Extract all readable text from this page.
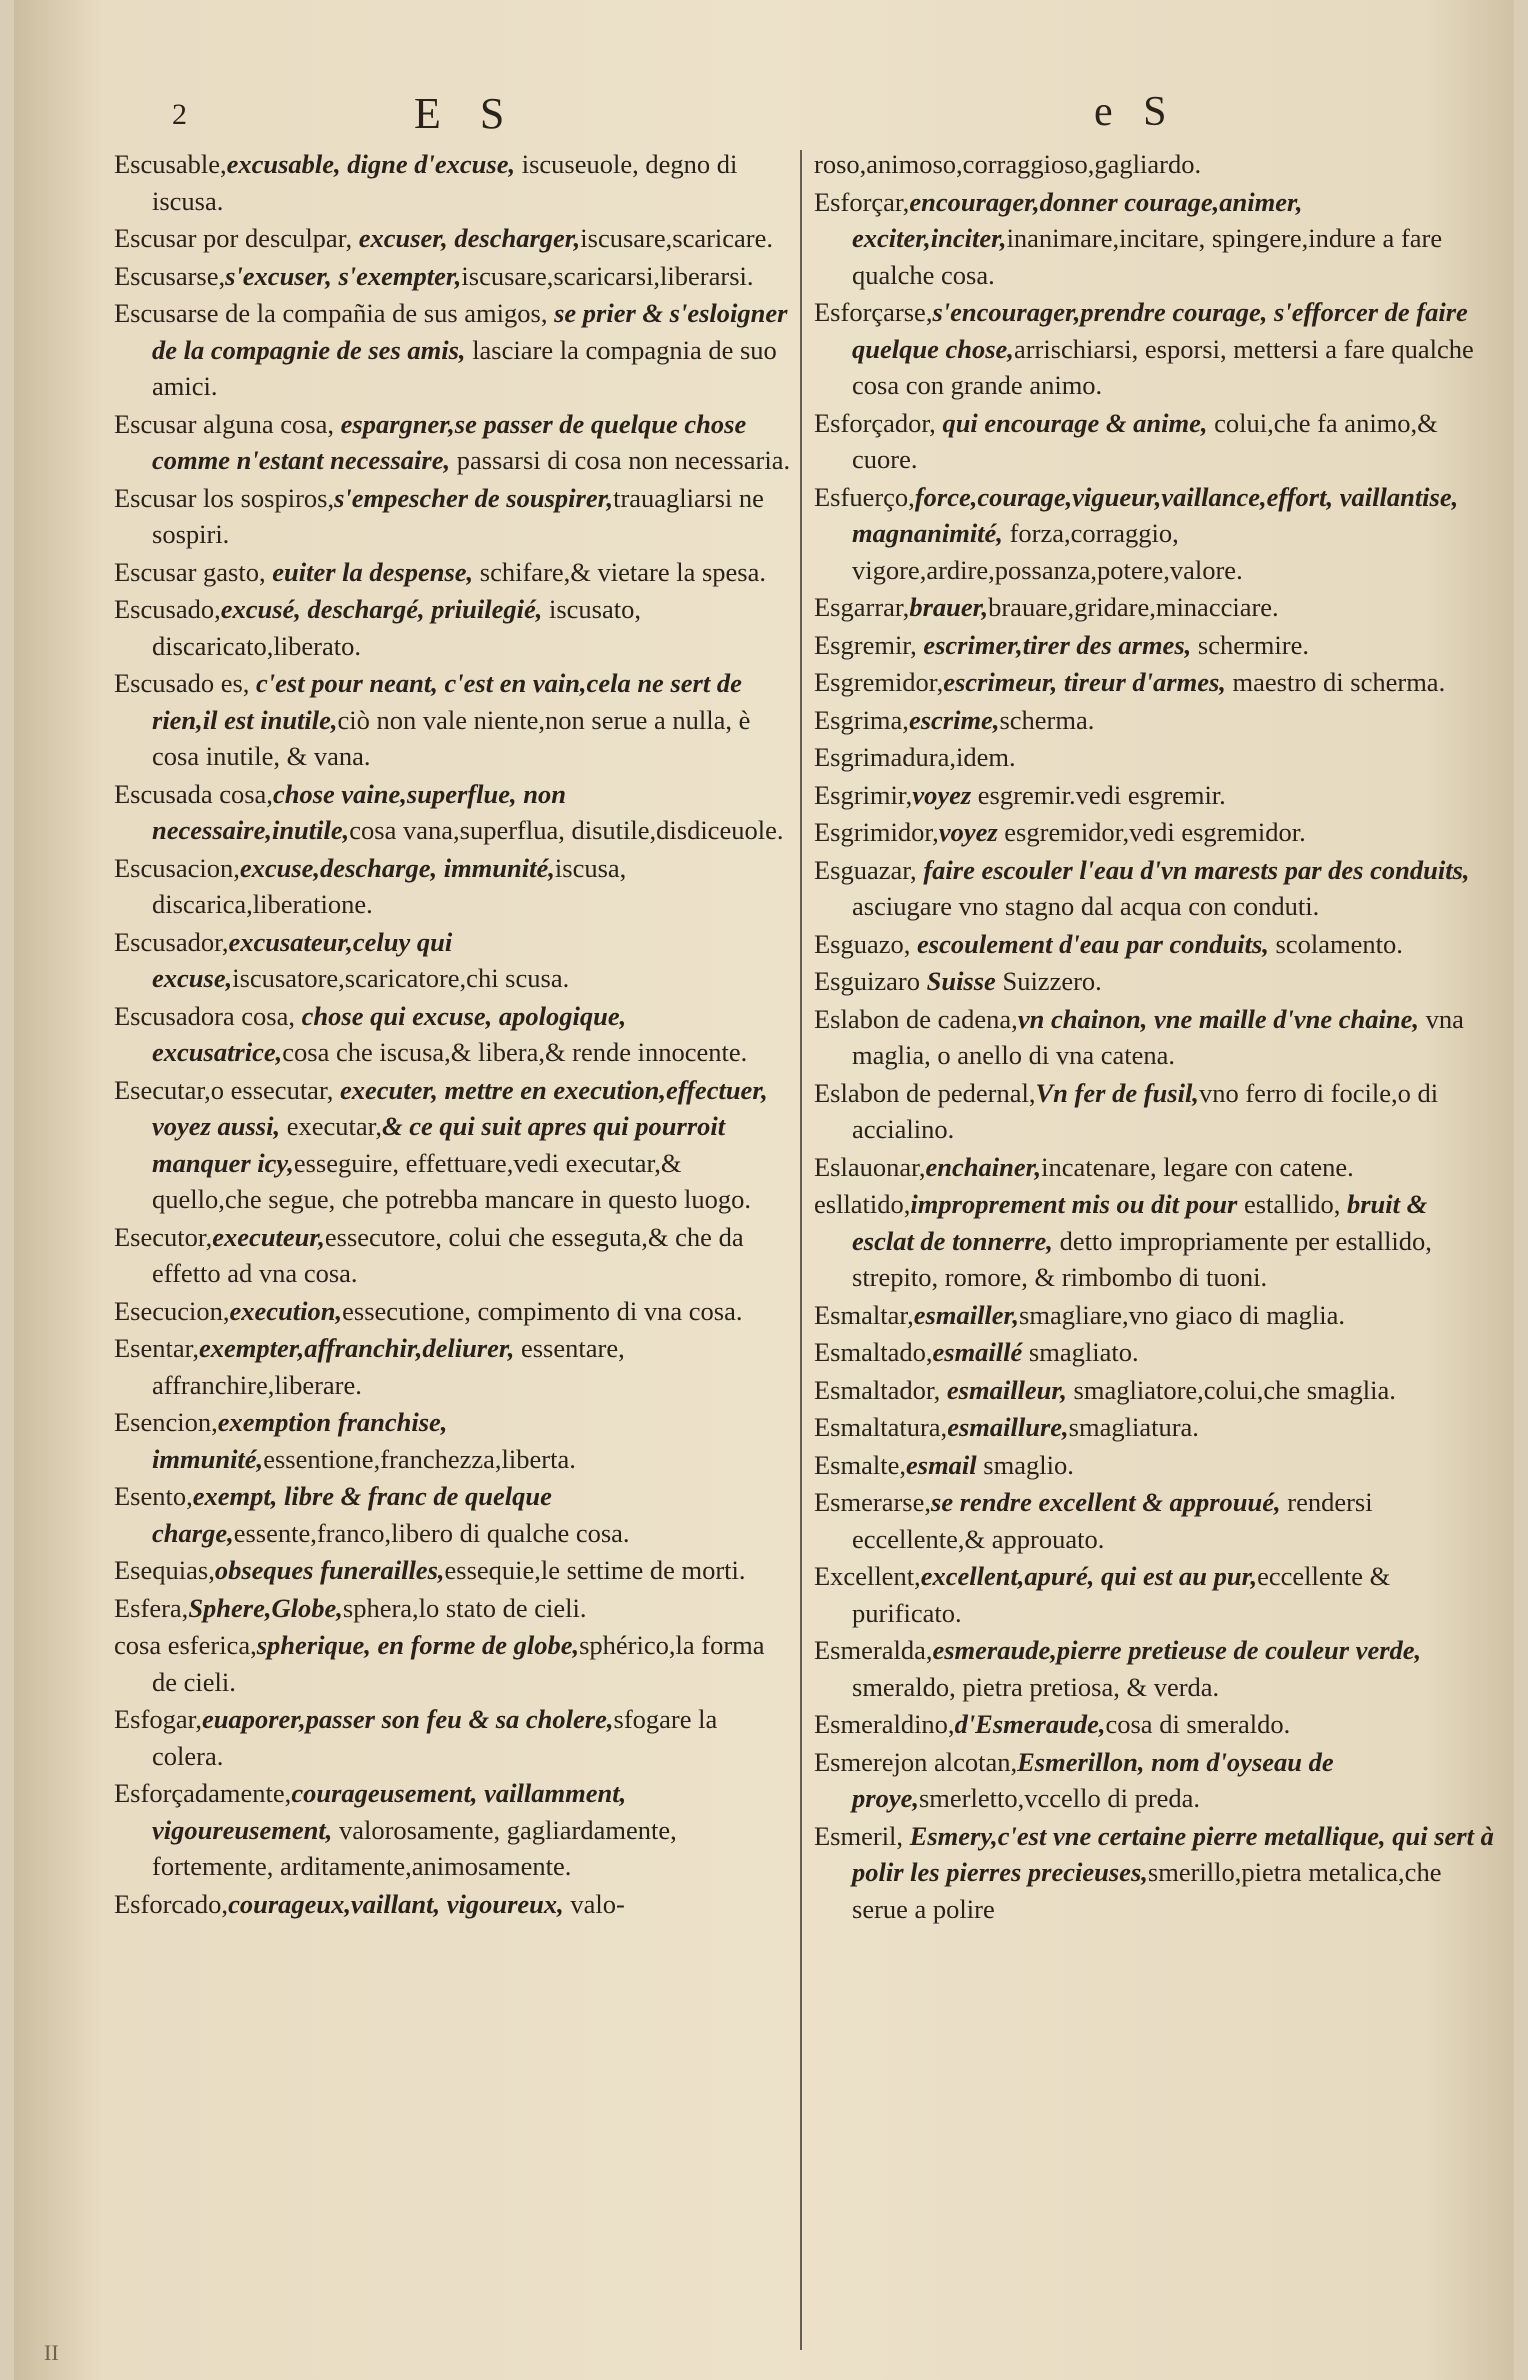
2	E S	e S
Escusable,excusable, digne d'excuse, iscuseuole, degno di iscusa.
Escusar por desculpar, excuser, descharger,iscusare,scaricare.
Escusarse,s'excuser, s'exempter,iscusare,scaricarsi,liberarsi.
Escusarse de la compañia de sus amigos, se prier & s'esloigner de la compagnie de ses amis, lasciare la compagnia de suo amici.
Escusar alguna cosa, espargner,se passer de quelque chose comme n'estant necessaire, passarsi di cosa non necessaria.
Escusar los sospiros,s'empescher de souspirer,trauagliarsi ne sospiri.
Escusar gasto, euiter la despense, schifare,& vietare la spesa.
Escusado,excusé, deschargé, priuilegié, iscusato, discaricato,liberato.
Escusado es, c'est pour neant, c'est en vain,cela ne sert de rien,il est inutile,ciò non vale niente,non serue a nulla, è cosa inutile, & vana.
Escusada cosa,chose vaine,superflue, non necessaire,inutile,cosa vana,superflua, disutile,disdiceuole.
Escusacion,excuse,descharge, immunité,iscusa, discarica,liberatione.
Escusador,excusateur,celuy qui excuse,iscusatore,scaricatore,chi scusa.
Escusadora cosa, chose qui excuse, apologique, excusatrice,cosa che iscusa,& libera,& rende innocente.
Esecutar,o essecutar, executer, mettre en execution,effectuer, voyez aussi, executar,& ce qui suit apres qui pourroit manquer icy,esseguire, effettuare,vedi executar,& quello,che segue, che potrebba mancare in questo luogo.
Esecutor,executeur,essecutore, colui che esseguta,& che da effetto ad vna cosa.
Esecucion,execution,essecutione, compimento di vna cosa.
Esentar,exempter,affranchir,deliurer, essentare, affranchire,liberare.
Esencion,exemption franchise, immunité,essentione,franchezza,liberta.
Esento,exempt, libre & franc de quelque charge,essente,franco,libero di qualche cosa.
Esequias,obseques funerailles,essequie,le settime de morti.
Esfera,Sphere,Globe,sphera,lo stato de cieli.
cosa esferica,spherique, en forme de globe,sphérico,la forma de cieli.
Esfogar,euaporer,passer son feu & sa cholere,sfogare la colera.
Esforçadamente,courageusement, vaillamment, vigoureusement, valorosamente, gagliardamente, fortemente, arditamente,animosamente.
Esforcado,courageux,vaillant, vigoureux, valo-
roso,animoso,corraggioso,gagliardo.
Esforçar,encourager,donner courage,animer, exciter,inciter,inanimare,incitare, spingere,indure a fare qualche cosa.
Esforçarse,s'encourager,prendre courage, s'efforcer de faire quelque chose,arrischiarsi, esporsi, mettersi a fare qualche cosa con grande animo.
Esforçador, qui encourage & anime, colui,che fa animo,& cuore.
Esfuerço,force,courage,vigueur,vaillance,effort, vaillantise, magnanimité, forza,corraggio, vigore,ardire,possanza,potere,valore.
Esgarrar,brauer,brauare,gridare,minacciare.
Esgremir, escrimer,tirer des armes, schermire.
Esgremidor,escrimeur, tireur d'armes, maestro di scherma.
Esgrima,escrime,scherma.
Esgrimadura,idem.
Esgrimir,voyez esgremir.vedi esgremir.
Esgrimidor,voyez esgremidor,vedi esgremidor.
Esguazar, faire escouler l'eau d'vn marests par des conduits, asciugare vno stagno dal acqua con conduti.
Esguazo, escoulement d'eau par conduits, scolamento.
Esguizaro Suisse Suizzero.
Eslabon de cadena,vn chainon, vne maille d'vne chaine, vna maglia, o anello di vna catena.
Eslabon de pedernal,Vn fer de fusil,vno ferro di focile,o di accialino.
Eslauonar,enchainer,incatenare, legare con catene.
esllatido,improprement mis ou dit pour estallido, bruit & esclat de tonnerre, detto impropriamente per estallido, strepito, romore, & rimbombo di tuoni.
Esmaltar,esmailler,smagliare,vno giaco di maglia.
Esmaltado,esmaillé smagliato.
Esmaltador, esmailleur, smagliatore,colui,che smaglia.
Esmaltatura,esmaillure,smagliatura.
Esmalte,esmail smaglio.
Esmerarse,se rendre excellent & approuué, rendersi eccellente,& approuato.
Excellent,excellent,apuré, qui est au pur,eccellente & purificato.
Esmeralda,esmeraude,pierre pretieuse de couleur verde, smeraldo, pietra pretiosa, & verda.
Esmeraldino,d'Esmeraude,cosa di smeraldo.
Esmerejon alcotan,Esmerillon, nom d'oyseau de proye,smerletto,vccello di preda.
Esmeril, Esmery,c'est vne certaine pierre metallique, qui sert à polir les pierres precieuses,smerillo,pietra metalica,che serue a polire
II
